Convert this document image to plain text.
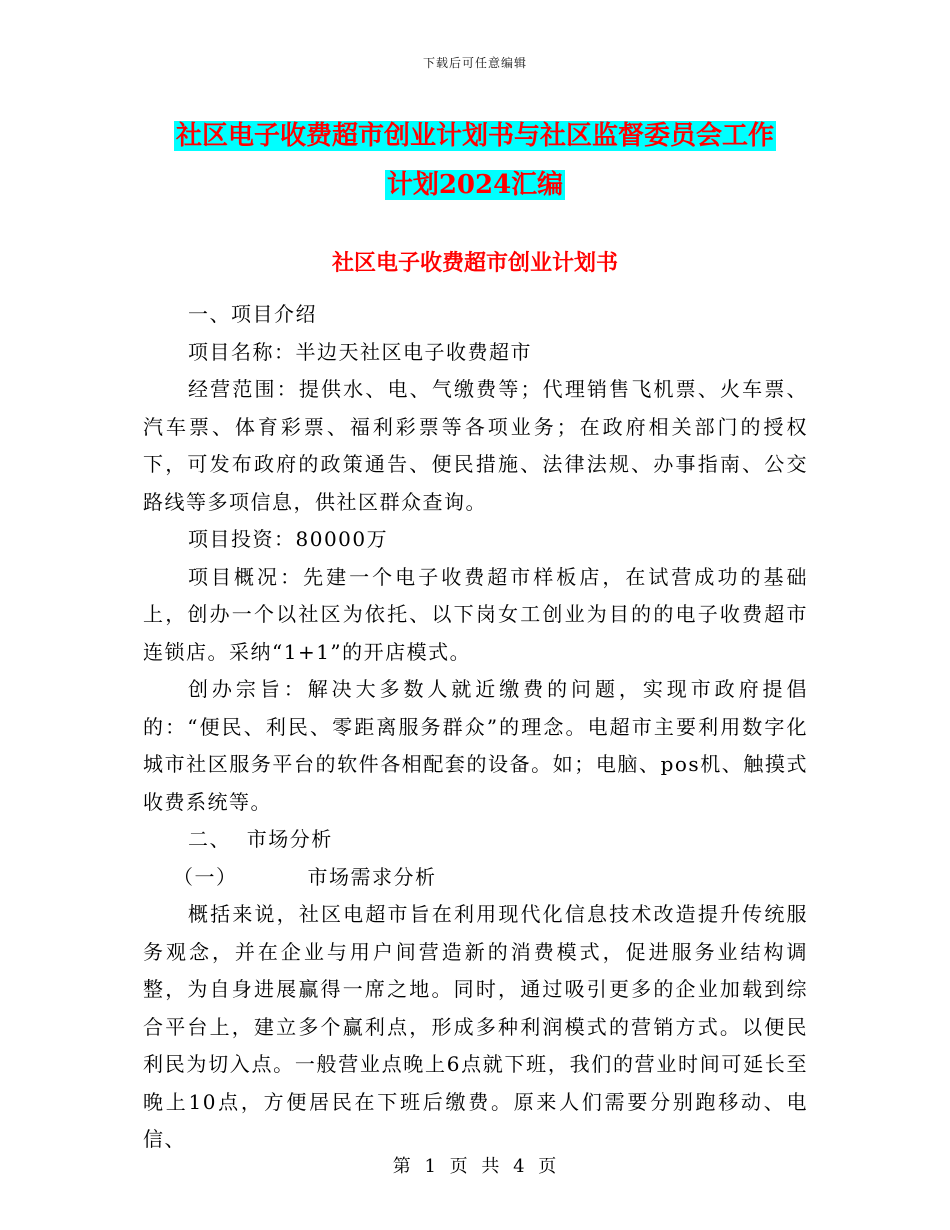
下载后可任意编辑
社区电子收费超市创业计划书与社区监督委员会工作
计划2024汇编
社区电子收费超市创业计划书

一、项目介绍

项目名称：半边天社区电子收费超市

经营范围：提供水、电、气缴费等；代理销售飞机票、火车票、汽车票、体育彩票、福利彩票等各项业务；在政府相关部门的授权下，可发布政府的政策通告、便民措施、法律法规、办事指南、公交路线等多项信息，供社区群众查询。

项目投资：80000万

项目概况：先建一个电子收费超市样板店，在试营成功的基础上，创办一个以社区为依托、以下岗女工创业为目的的电子收费超市连锁店。采纳“1+1”的开店模式。

创办宗旨：解决大多数人就近缴费的问题，实现市政府提倡的：“便民、利民、零距离服务群众”的理念。电超市主要利用数字化城市社区服务平台的软件各相配套的设备。如；电脑、pos机、触摸式收费系统等。

二、  市场分析

（一）	市场需求分析

概括来说，社区电超市旨在利用现代化信息技术改造提升传统服务观念，并在企业与用户间营造新的消费模式，促进服务业结构调整，为自身进展赢得一席之地。同时，通过吸引更多的企业加载到综合平台上，建立多个赢利点，形成多种利润模式的营销方式。以便民利民为切入点。一般营业点晚上6点就下班，我们的营业时间可延长至晚上10点，方便居民在下班后缴费。原来人们需要分别跑移动、电信、

第 1 页 共 4 页
